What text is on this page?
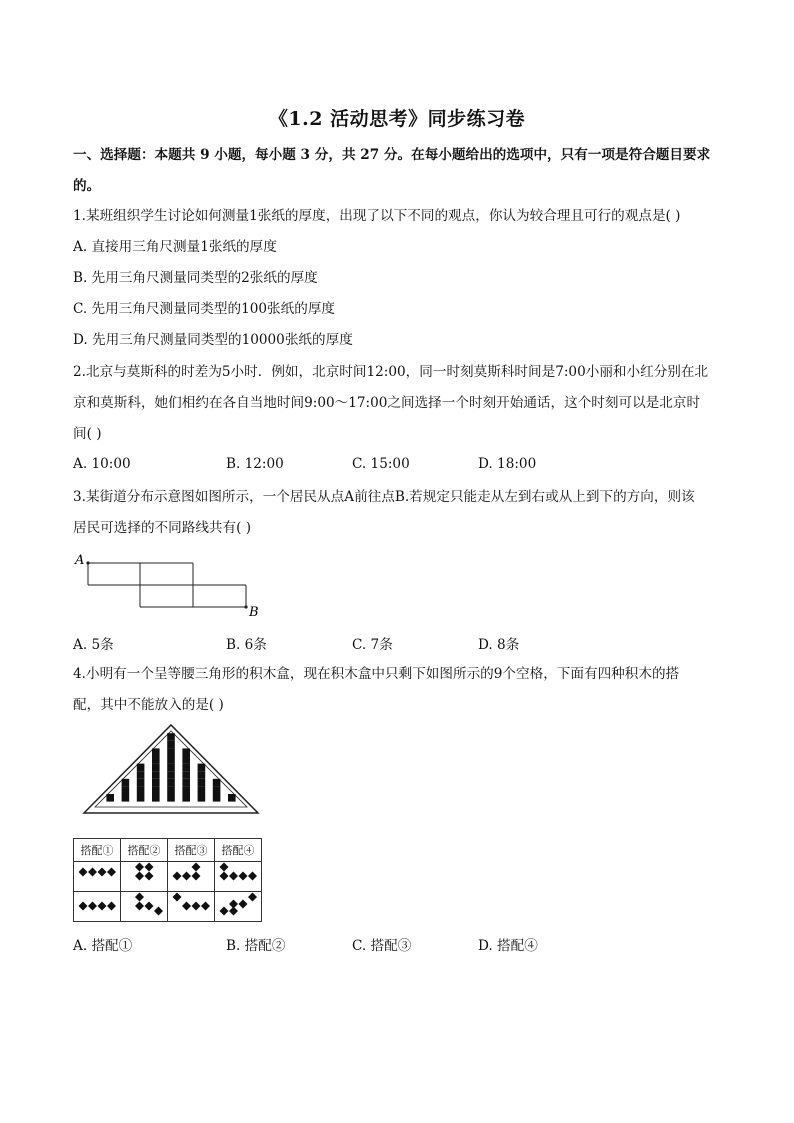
《1.2 活动思考》同步练习卷
一、选择题：本题共 9 小题，每小题 3 分，共 27 分。在每小题给出的选项中，只有一项是符合题目要求
的。
1.某班组织学生讨论如何测量1张纸的厚度，出现了以下不同的观点，你认为较合理且可行的观点是( )
A. 直接用三角尺测量1张纸的厚度
B. 先用三角尺测量同类型的2张纸的厚度
C. 先用三角尺测量同类型的100张纸的厚度
D. 先用三角尺测量同类型的10000张纸的厚度
2.北京与莫斯科的时差为5小时．例如，北京时间12:00，同一时刻莫斯科时间是7:00小丽和小红分别在北
京和莫斯科，她们相约在各自当地时间9:00～17:00之间选择一个时刻开始通话，这个时刻可以是北京时
间( )
A. 10:00	B. 12:00	C. 15:00	D. 18:00
3.某街道分布示意图如图所示，一个居民从点A前往点B.若规定只能走从左到右或从上到下的方向，则该
居民可选择的不同路线共有( )
A
B
A. 5条	B. 6条	C. 7条	D. 8条
4.小明有一个呈等腰三角形的积木盒，现在积木盒中只剩下如图所示的9个空格，下面有四种积木的搭
配，其中不能放入的是( )
搭配①	搭配②	搭配③	搭配④

A. 搭配①	B. 搭配②	C. 搭配③	D. 搭配④
